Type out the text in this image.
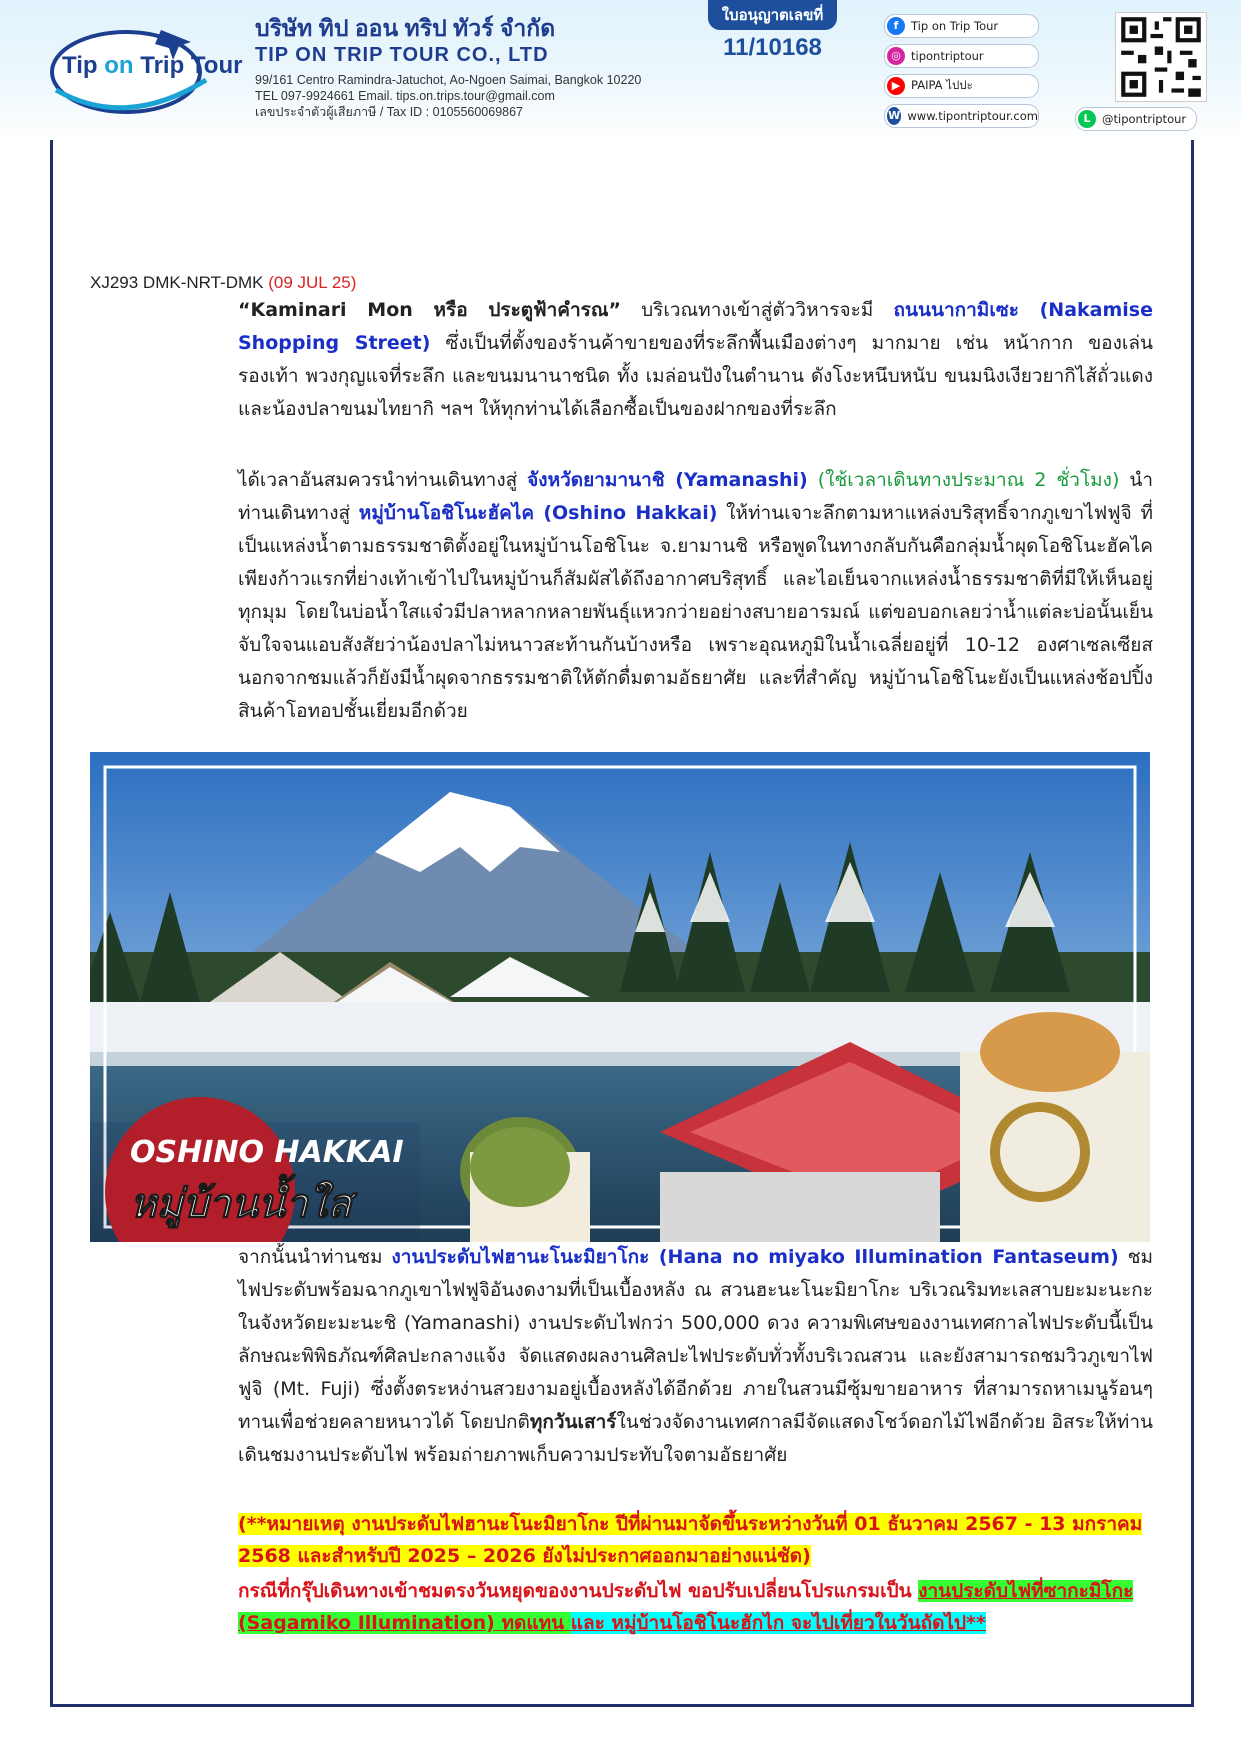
Tip on Trip Tour
บริษัท ทิป ออน ทริป ทัวร์ จำกัด
TIP ON TRIP TOUR CO., LTD
99/161 Centro Ramindra-Jatuchot, Ao-Ngoen Saimai, Bangkok 10220
TEL 097-9924661 Email. tips.on.trips.tour@gmail.com
เลขประจำตัวผู้เสียภาษี / Tax ID : 0105560069867
ใบอนุญาตเลขที่
11/10168
f	Tip on Trip Tour
◎ tipontriptour
▶ PAIPA ไปปะ
W www.tipontriptour.com	L	@tipontriptour
XJ293 DMK-NRT-DMK (09 JUL 25)
“Kaminari Mon หรือ ประตูฟ้าคำรณ” บริเวณทางเข้าสู่ตัววิหารจะมี ถนนนากามิเซะ (Nakamise Shopping Street) ซึ่งเป็นที่ตั้งของร้านค้าขายของที่ระลึกพื้นเมืองต่างๆ มากมาย เช่น หน้ากาก ของเล่น รองเท้า พวงกุญแจที่ระลึก และขนมนานาชนิด ทั้ง เมล่อนปังในตำนาน ดังโงะหนึบหนับ ขนมนิงเงียวยากิไส้ถั่วแดง และน้องปลาขนมไทยากิ ฯลฯ ให้ทุกท่านได้เลือกซื้อเป็นของฝากของที่ระลึก
ได้เวลาอันสมควรนำท่านเดินทางสู่ จังหวัดยามานาชิ (Yamanashi) (ใช้เวลาเดินทางประมาณ 2 ชั่วโมง) นำท่านเดินทางสู่ หมู่บ้านโอชิโนะฮัคไค (Oshino Hakkai) ให้ท่านเจาะลึกตามหาแหล่งบริสุทธิ์จากภูเขาไฟฟูจิ ที่เป็นแหล่งน้ำตามธรรมชาติตั้งอยู่ในหมู่บ้านโอชิโนะ จ.ยามานชิ หรือพูดในทางกลับกันคือกลุ่มน้ำผุดโอชิโนะฮัคไค เพียงก้าวแรกที่ย่างเท้าเข้าไปในหมู่บ้านก็สัมผัสได้ถึงอากาศบริสุทธิ์ และไอเย็นจากแหล่งน้ำธรรมชาติที่มีให้เห็นอยู่ทุกมุม โดยในบ่อน้ำใสแจ๋วมีปลาหลากหลายพันธุ์แหวกว่ายอย่างสบายอารมณ์ แต่ขอบอกเลยว่าน้ำแต่ละบ่อนั้นเย็นจับใจจนแอบสังสัยว่าน้องปลาไม่หนาวสะท้านกันบ้างหรือ เพราะอุณหภูมิในน้ำเฉลี่ยอยู่ที่ 10-12 องศาเซลเซียสนอกจากชมแล้วก็ยังมีน้ำผุดจากธรรมชาติให้ตักดื่มตามอัธยาศัย และที่สำคัญ หมู่บ้านโอชิโนะยังเป็นแหล่งช้อปปิ้งสินค้าโอทอปชั้นเยี่ยมอีกด้วย
OSHINO HAKKAI
หมู่บ้านน้ำใส
จากนั้นนำท่านชม งานประดับไฟฮานะโนะมิยาโกะ (Hana no miyako Illumination Fantaseum) ชมไฟประดับพร้อมฉากภูเขาไฟฟูจิอันงดงามที่เป็นเบื้องหลัง ณ สวนฮะนะโนะมิยาโกะ บริเวณริมทะเลสาบยะมะนะกะ ในจังหวัดยะมะนะชิ (Yamanashi) งานประดับไฟกว่า 500,000 ดวง ความพิเศษของงานเทศกาลไฟประดับนี้เป็นลักษณะพิพิธภัณฑ์ศิลปะกลางแจ้ง จัดแสดงผลงานศิลปะไฟประดับทั่วทั้งบริเวณสวน และยังสามารถชมวิวภูเขาไฟฟูจิ (Mt. Fuji) ซึ่งตั้งตระหง่านสวยงามอยู่เบื้องหลังได้อีกด้วย ภายในสวนมีซุ้มขายอาหาร ที่สามารถหาเมนูร้อนๆทานเพื่อช่วยคลายหนาวได้ โดยปกติทุกวันเสาร์ในช่วงจัดงานเทศกาลมีจัดแสดงโชว์ดอกไม้ไฟอีกด้วย อิสระให้ท่านเดินชมงานประดับไฟ พร้อมถ่ายภาพเก็บความประทับใจตามอัธยาศัย
(**หมายเหตุ งานประดับไฟฮานะโนะมิยาโกะ ปีที่ผ่านมาจัดขึ้นระหว่างวันที่ 01 ธันวาคม 2567 - 13 มกราคม 2568 และสำหรับปี 2025 – 2026 ยังไม่ประกาศออกมาอย่างแน่ชัด)
กรณีที่กรุ๊ปเดินทางเข้าชมตรงวันหยุดของงานประดับไฟ ขอปรับเปลี่ยนโปรแกรมเป็น งานประดับไฟที่ซากะมิโกะ (Sagamiko Illumination) ทดแทน และ หมู่บ้านโอชิโนะฮักไก จะไปเที่ยวในวันถัดไป**
